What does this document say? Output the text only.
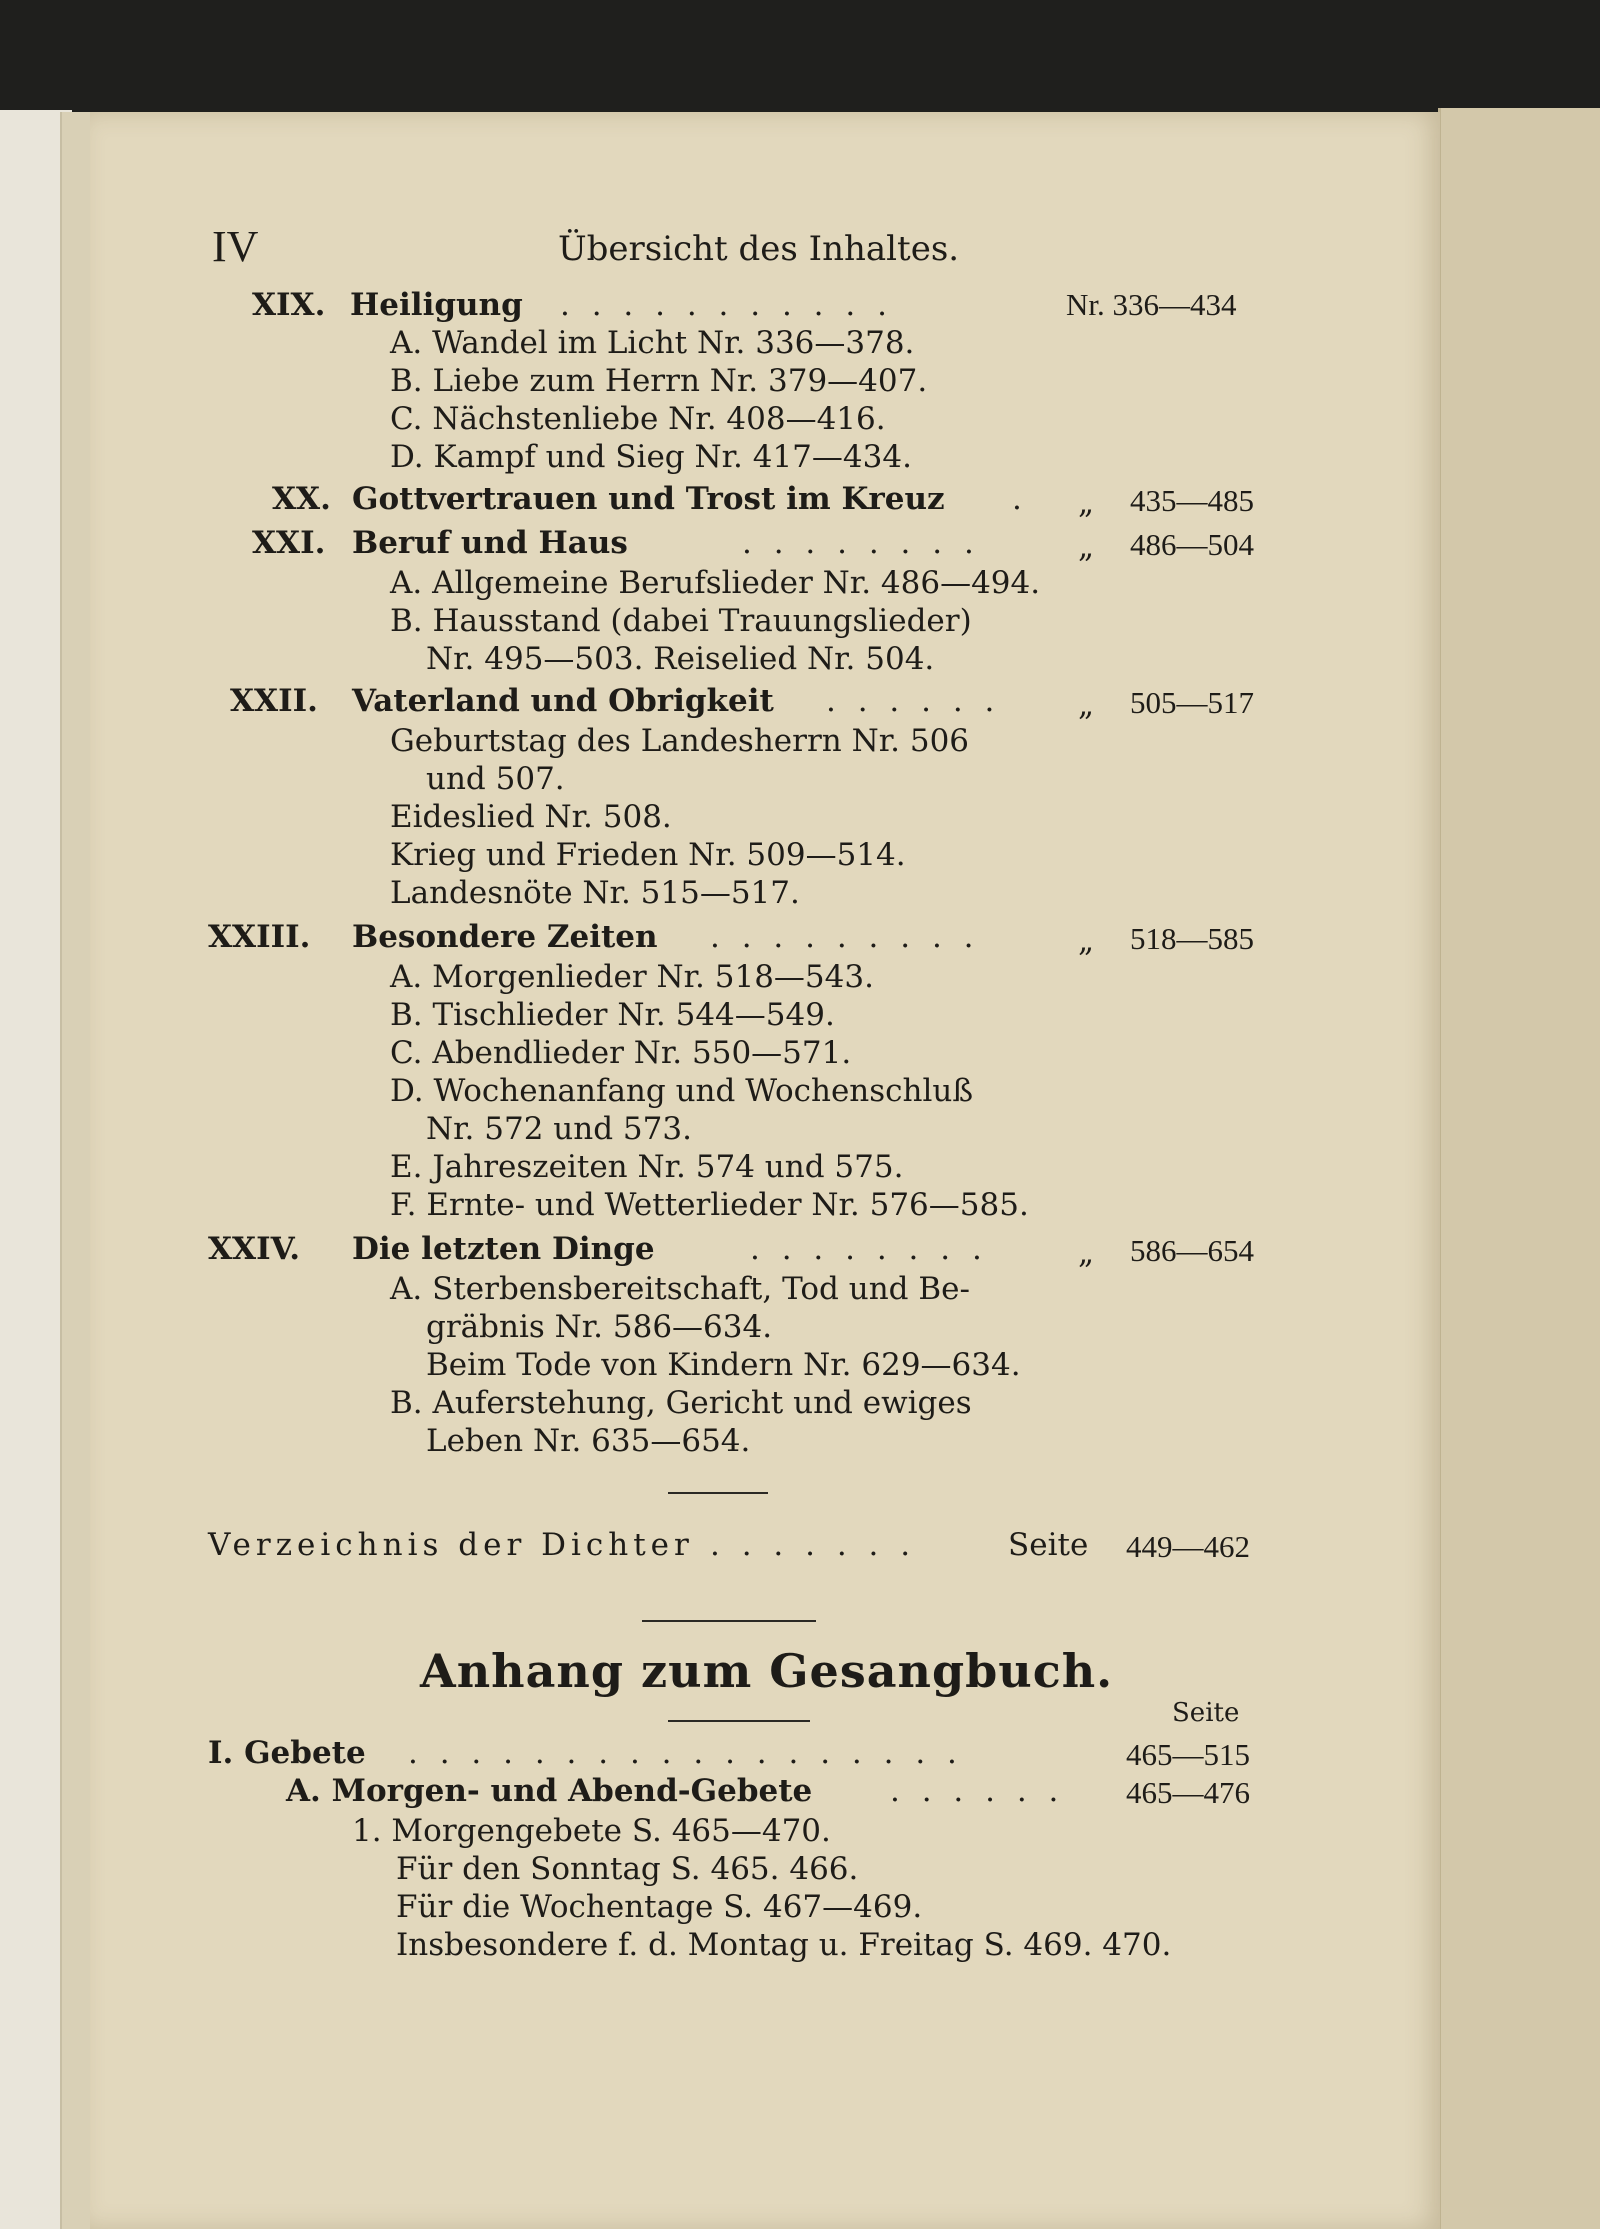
IV	Übersicht des Inhaltes.
XIX. Heiligung . . . . . . . . . . .	Nr. 336—434
A. Wandel im Licht Nr. 336—378.
B. Liebe zum Herrn Nr. 379—407.
C. Nächstenliebe Nr. 408—416.
D. Kampf und Sieg Nr. 417—434.
XX. Gottvertrauen und Trost im Kreuz . „ 435—485
XXI. Beruf und Haus	. . . . . . . .	„ 486—504
A. Allgemeine Berufslieder Nr. 486—494.
B. Hausstand (dabei Trauungslieder)
Nr. 495—503. Reiselied Nr. 504.
XXII. Vaterland und Obrigkeit . . . . . .	„ 505—517
Geburtstag des Landesherrn Nr. 506
und 507.
Eideslied Nr. 508.
Krieg und Frieden Nr. 509—514.
Landesnöte Nr. 515—517.
XXIII. Besondere Zeiten . . . . . . . . .	„ 518—585
A. Morgenlieder Nr. 518—543.
B. Tischlieder Nr. 544—549.
C. Abendlieder Nr. 550—571.
D. Wochenanfang und Wochenschluß
Nr. 572 und 573.
E. Jahreszeiten Nr. 574 und 575.
F. Ernte- und Wetterlieder Nr. 576—585.
XXIV. Die letzten Dinge	. . . . . . . .	„ 586—654
A. Sterbensbereitschaft, Tod und Be-
gräbnis Nr. 586—634.
Beim Tode von Kindern Nr. 629—634.
B. Auferstehung, Gericht und ewiges
Leben Nr. 635—654.
Verzeichnis der Dichter . . . . . . .	Seite 449—462
Anhang zum Gesangbuch.
Seite
I. Gebete . . . . . . . . . . . . . . . . . .	465—515
A. Morgen- und Abend-Gebete	. . . . . . 465—476
1. Morgengebete S. 465—470.
Für den Sonntag S. 465. 466.
Für die Wochentage S. 467—469.
Insbesondere f. d. Montag u. Freitag S. 469. 470.
